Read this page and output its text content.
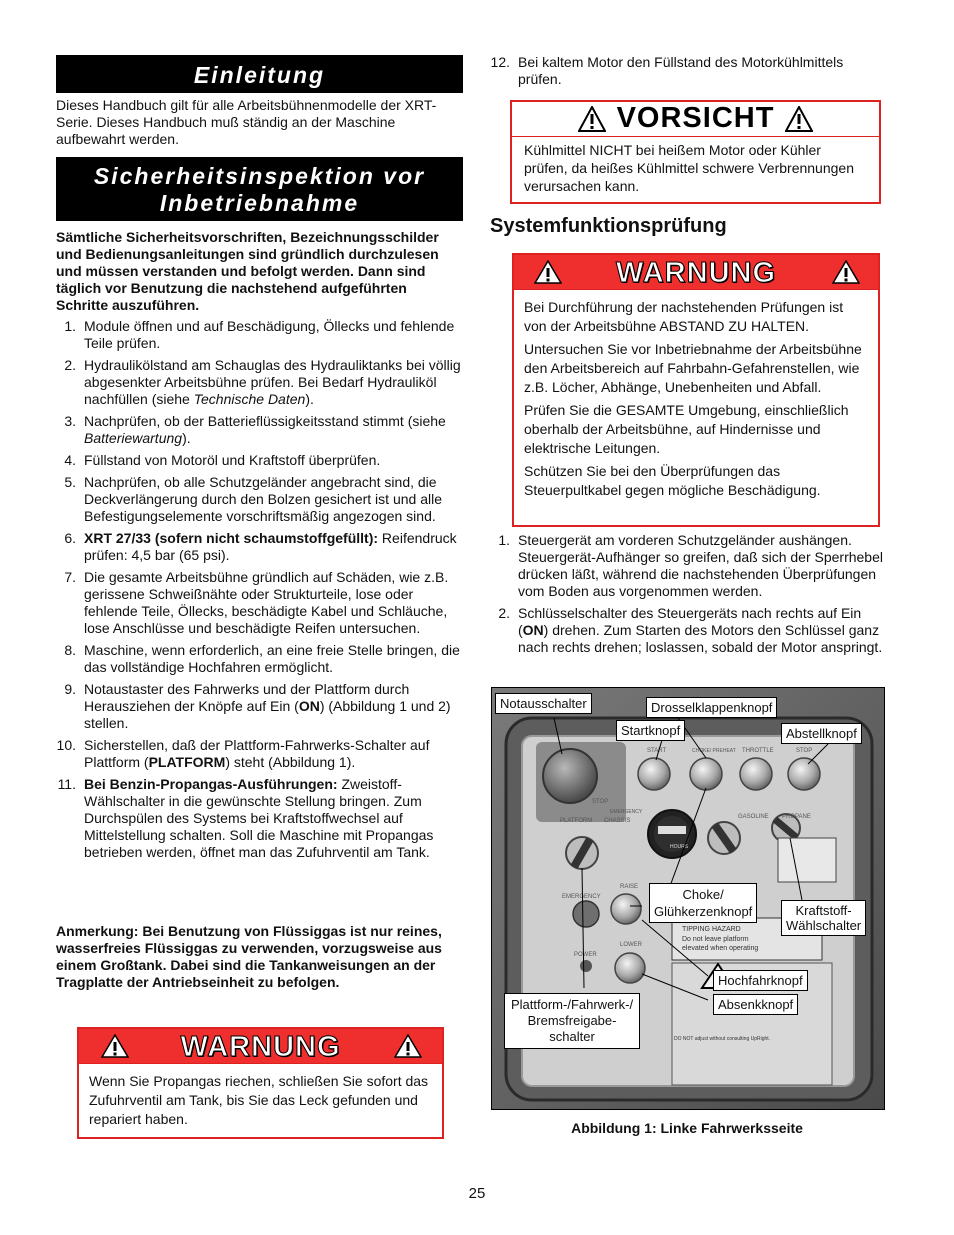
Einleitung
Dieses Handbuch gilt für alle Arbeitsbühnenmodelle der XRT-Serie. Dieses Handbuch muß ständig an der Maschine aufbewahrt werden.
Sicherheitsinspektion vor
Inbetriebnahme
Sämtliche Sicherheitsvorschriften, Bezeichnungsschilder und Bedienungsanleitungen sind gründlich durchzulesen und müssen verstanden und befolgt werden. Dann sind täglich vor Benutzung die nachstehend aufgeführten Schritte auszuführen.
1. Module öffnen und auf Beschädigung, Öllecks und fehlende Teile prüfen.
2. Hydraulikölstand am Schauglas des Hydrauliktanks bei völlig abgesenkter Arbeitsbühne prüfen. Bei Bedarf Hydrauliköl nachfüllen (siehe Technische Daten).
3. Nachprüfen, ob der Batterieflüssigkeitsstand stimmt (siehe Batteriewartung).
4. Füllstand von Motoröl und Kraftstoff überprüfen.
5. Nachprüfen, ob alle Schutzgeländer angebracht sind, die Deckverlängerung durch den Bolzen gesichert ist und alle Befestigungselemente vorschriftsmäßig angezogen sind.
6. XRT 27/33 (sofern nicht schaumstoffgefüllt): Reifendruck prüfen: 4,5 bar (65 psi).
7. Die gesamte Arbeitsbühne gründlich auf Schäden, wie z.B. gerissene Schweißnähte oder Strukturteile, lose oder fehlende Teile, Öllecks, beschädigte Kabel und Schläuche, lose Anschlüsse und beschädigte Reifen untersuchen.
8. Maschine, wenn erforderlich, an eine freie Stelle bringen, die das vollständige Hochfahren ermöglicht.
9. Notaustaster des Fahrwerks und der Plattform durch Herausziehen der Knöpfe auf Ein (ON) (Abbildung 1 und 2) stellen.
10. Sicherstellen, daß der Plattform-Fahrwerks-Schalter auf Plattform (PLATFORM) steht (Abbildung 1).
11. Bei Benzin-Propangas-Ausführungen: Zweistoff-Wählschalter in die gewünschte Stellung bringen. Zum Durchspülen des Systems bei Kraftstoffwechsel auf Mittelstellung schalten. Soll die Maschine mit Propangas betrieben werden, öffnet man das Zufuhrventil am Tank.
Anmerkung: Bei Benutzung von Flüssiggas ist nur reines, wasserfreies Flüssiggas zu verwenden, vorzugsweise aus einem Großtank. Dabei sind die Tankanweisungen an der Tragplatte der Antriebseinheit zu befolgen.
WARNUNG
Wenn Sie Propangas riechen, schließen Sie sofort das Zufuhrventil am Tank, bis Sie das Leck gefunden und repariert haben.
12. Bei kaltem Motor den Füllstand des Motorkühlmittels prüfen.
VORSICHT
Kühlmittel NICHT bei heißem Motor oder Kühler prüfen, da heißes Kühlmittel schwere Verbrennungen verursachen kann.
Systemfunktionsprüfung
WARNUNG
Bei Durchführung der nachstehenden Prüfungen ist von der Arbeitsbühne ABSTAND ZU HALTEN.
Untersuchen Sie vor Inbetriebnahme der Arbeitsbühne den Arbeitsbereich auf Fahrbahn-Gefahrenstellen, wie z.B. Löcher, Abhänge, Unebenheiten und Abfall.
Prüfen Sie die GESAMTE Umgebung, einschließlich oberhalb der Arbeitsbühne, auf Hindernisse und elektrische Leitungen.
Schützen Sie bei den Überprüfungen das Steuerpultkabel gegen mögliche Beschädigung.
1. Steuergerät am vorderen Schutzgeländer aushängen. Steuergerät-Aufhänger so greifen, daß sich der Sperrhebel drücken läßt, während die nachstehenden Überprüfungen vom Boden aus vorgenommen werden.
2. Schlüsselschalter des Steuergeräts nach rechts auf Ein (ON) drehen. Zum Starten des Motors den Schlüssel ganz nach rechts drehen; loslassen, sobald der Motor anspringt.
STOP
EMERGENCY
START	CHOKE/ PREHEAT THROTTLE	STOP
PLATFORM CHASSIS
GASOLINE PROPANE
HOURS
RAISE
LOWER
POWER
EMERGENCY
TIPPING HAZARD
Do not leave platform
elevated when operating
DO NOT adjust without consulting UpRight.
Notausschalter	Drosselklappenknopf
Startknopf	Abstellknopf
Choke/
Glühkerzenknopf	Kraftstoff-
Wählschalter
Hochfahrknopf
Absenkknopf
Plattform-/Fahrwerk-/
Bremsfreigabe-
schalter
Abbildung 1: Linke Fahrwerksseite
25
